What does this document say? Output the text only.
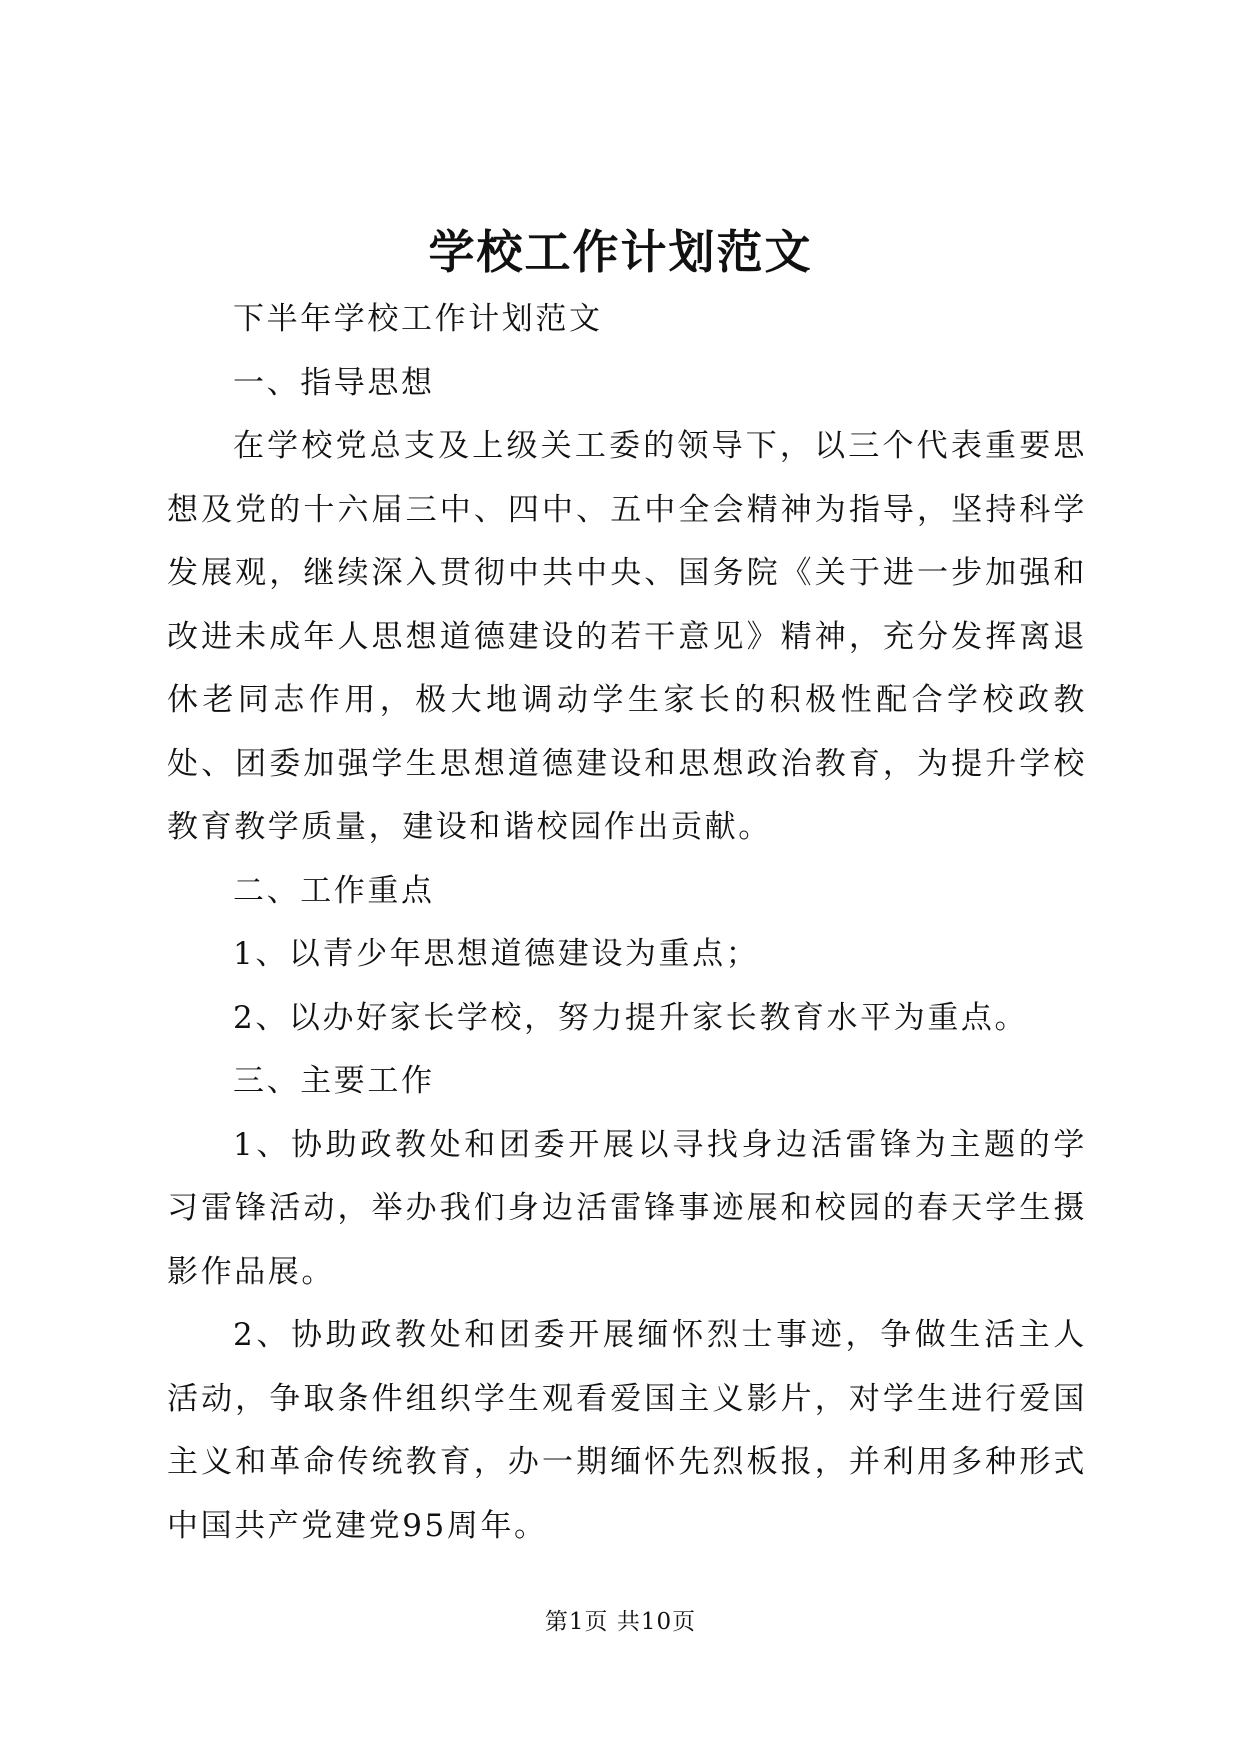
学校工作计划范文

下半年学校工作计划范文

一、指导思想

在学校党总支及上级关工委的领导下，以三个代表重要思想及党的十六届三中、四中、五中全会精神为指导，坚持科学发展观，继续深入贯彻中共中央、国务院《关于进一步加强和改进未成年人思想道德建设的若干意见》精神，充分发挥离退休老同志作用，极大地调动学生家长的积极性配合学校政教处、团委加强学生思想道德建设和思想政治教育，为提升学校教育教学质量，建设和谐校园作出贡献。

二、工作重点

1、以青少年思想道德建设为重点；

2、以办好家长学校，努力提升家长教育水平为重点。

三、主要工作

1、协助政教处和团委开展以寻找身边活雷锋为主题的学习雷锋活动，举办我们身边活雷锋事迹展和校园的春天学生摄影作品展。

2、协助政教处和团委开展缅怀烈士事迹，争做生活主人活动，争取条件组织学生观看爱国主义影片，对学生进行爱国主义和革命传统教育，办一期缅怀先烈板报，并利用多种形式中国共产党建党95周年。

第1页 共10页
